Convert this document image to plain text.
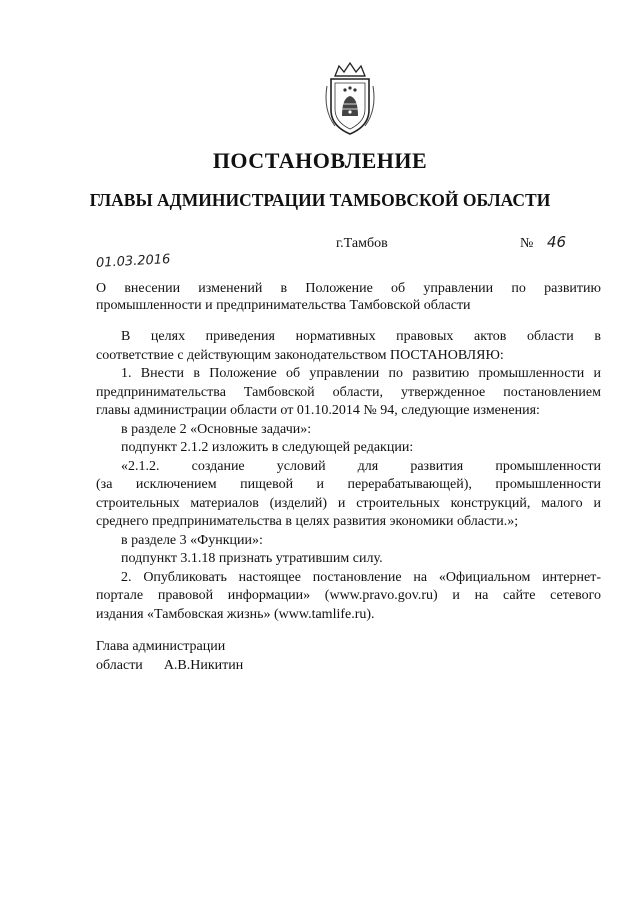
ПОСТАНОВЛЕНИЕ
ГЛАВЫ АДМИНИСТРАЦИИ ТАМБОВСКОЙ ОБЛАСТИ
01.03.2016
г.Тамбов	№ 46
О внесении изменений в Положение об управлении по развитию
промышленности и предпринимательства Тамбовской области
В целях приведения нормативных правовых актов области в
соответствие с действующим законодательством ПОСТАНОВЛЯЮ:
1. Внести в Положение об управлении по развитию промышленности и
предпринимательства Тамбовской области, утвержденное постановлением
главы администрации области от 01.10.2014 № 94, следующие изменения:
в разделе 2 «Основные задачи»:
подпункт 2.1.2 изложить в следующей редакции:
«2.1.2. создание условий для развития промышленности
(за исключением пищевой и перерабатывающей), промышленности
строительных материалов (изделий) и строительных конструкций, малого и
среднего предпринимательства в целях развития экономики области.»;
в разделе 3 «Функции»:
подпункт 3.1.18 признать утратившим силу.
2. Опубликовать настоящее постановление на «Официальном интернет-
портале правовой информации» (www.pravo.gov.ru) и на сайте сетевого
издания «Тамбовская жизнь» (www.tamlife.ru).
Глава администрации
области А.В.Никитин
